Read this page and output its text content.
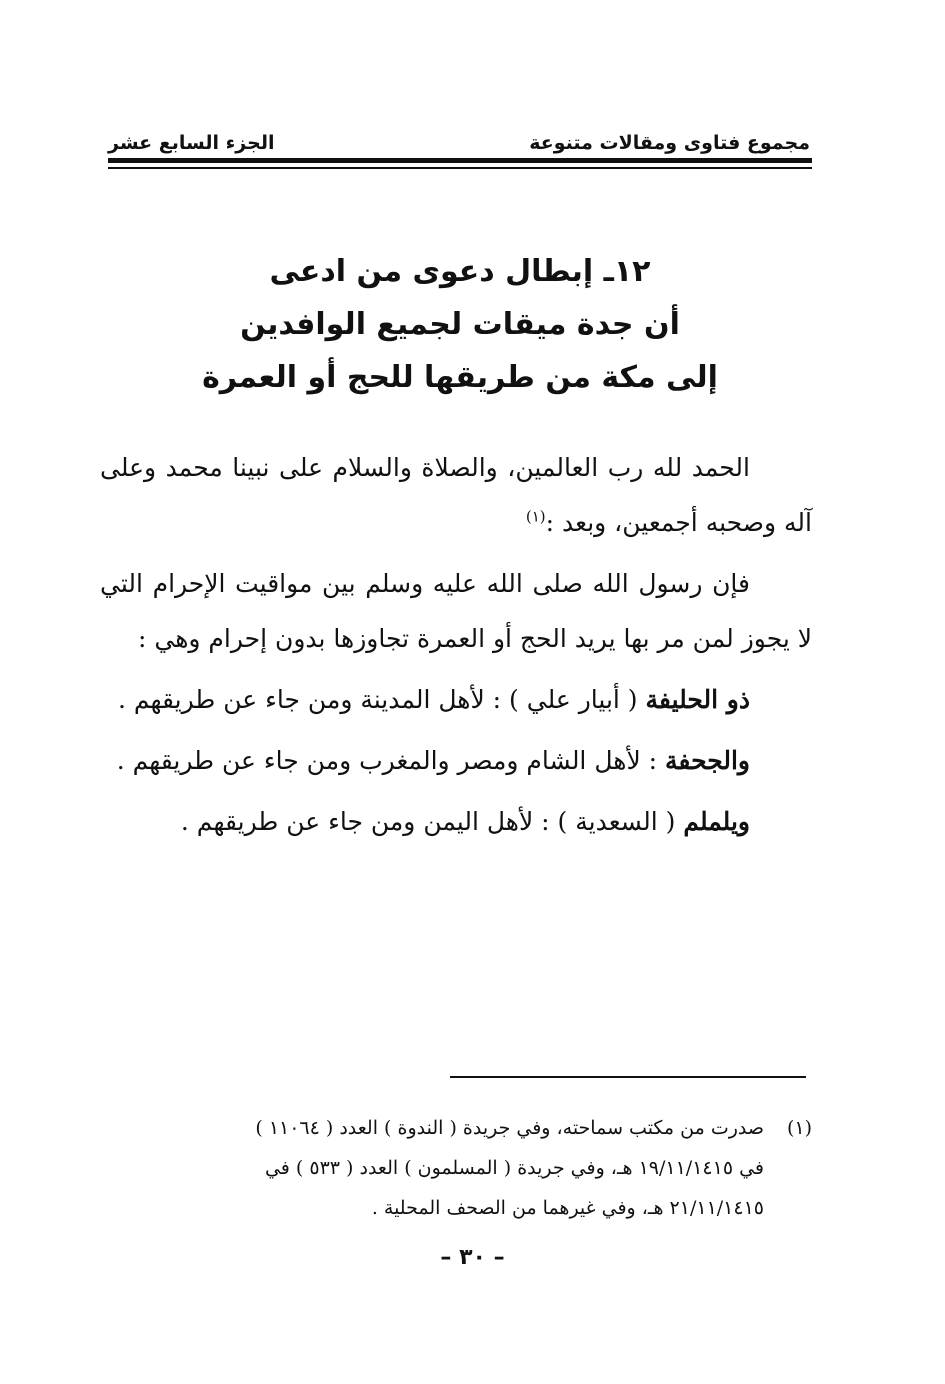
مجموع فتاوى ومقالات متنوعة
الجزء السابع عشر
١٢ـ إبطال دعوى من ادعى
أن جدة ميقات لجميع الوافدين
إلى مكة من طريقها للحج أو العمرة

الحمد لله رب العالمين، والصلاة والسلام على نبينا محمد وعلى آله وصحبه أجمعين، وبعد :$^{(١)}$

فإن رسول الله صلى الله عليه وسلم بين مواقيت الإحرام التي لا يجوز لمن مر بها يريد الحج أو العمرة تجاوزها بدون إحرام وهي :

ذو الحليفة ( أبيار علي ) : لأهل المدينة ومن جاء عن طريقهم .

والجحفة : لأهل الشام ومصر والمغرب ومن جاء عن طريقهم .

ويلملم ( السعدية ) : لأهل اليمن ومن جاء عن طريقهم .

(١)صدرت من مكتب سماحته، وفي جريدة ( الندوة ) العدد ( ١١٠٦٤ )
في ١٩/١١/١٤١٥ هـ، وفي جريدة ( المسلمون ) العدد ( ٥٣٣ ) في
٢١/١١/١٤١٥ هـ، وفي غيرهما من الصحف المحلية .
– ٣٠ –
